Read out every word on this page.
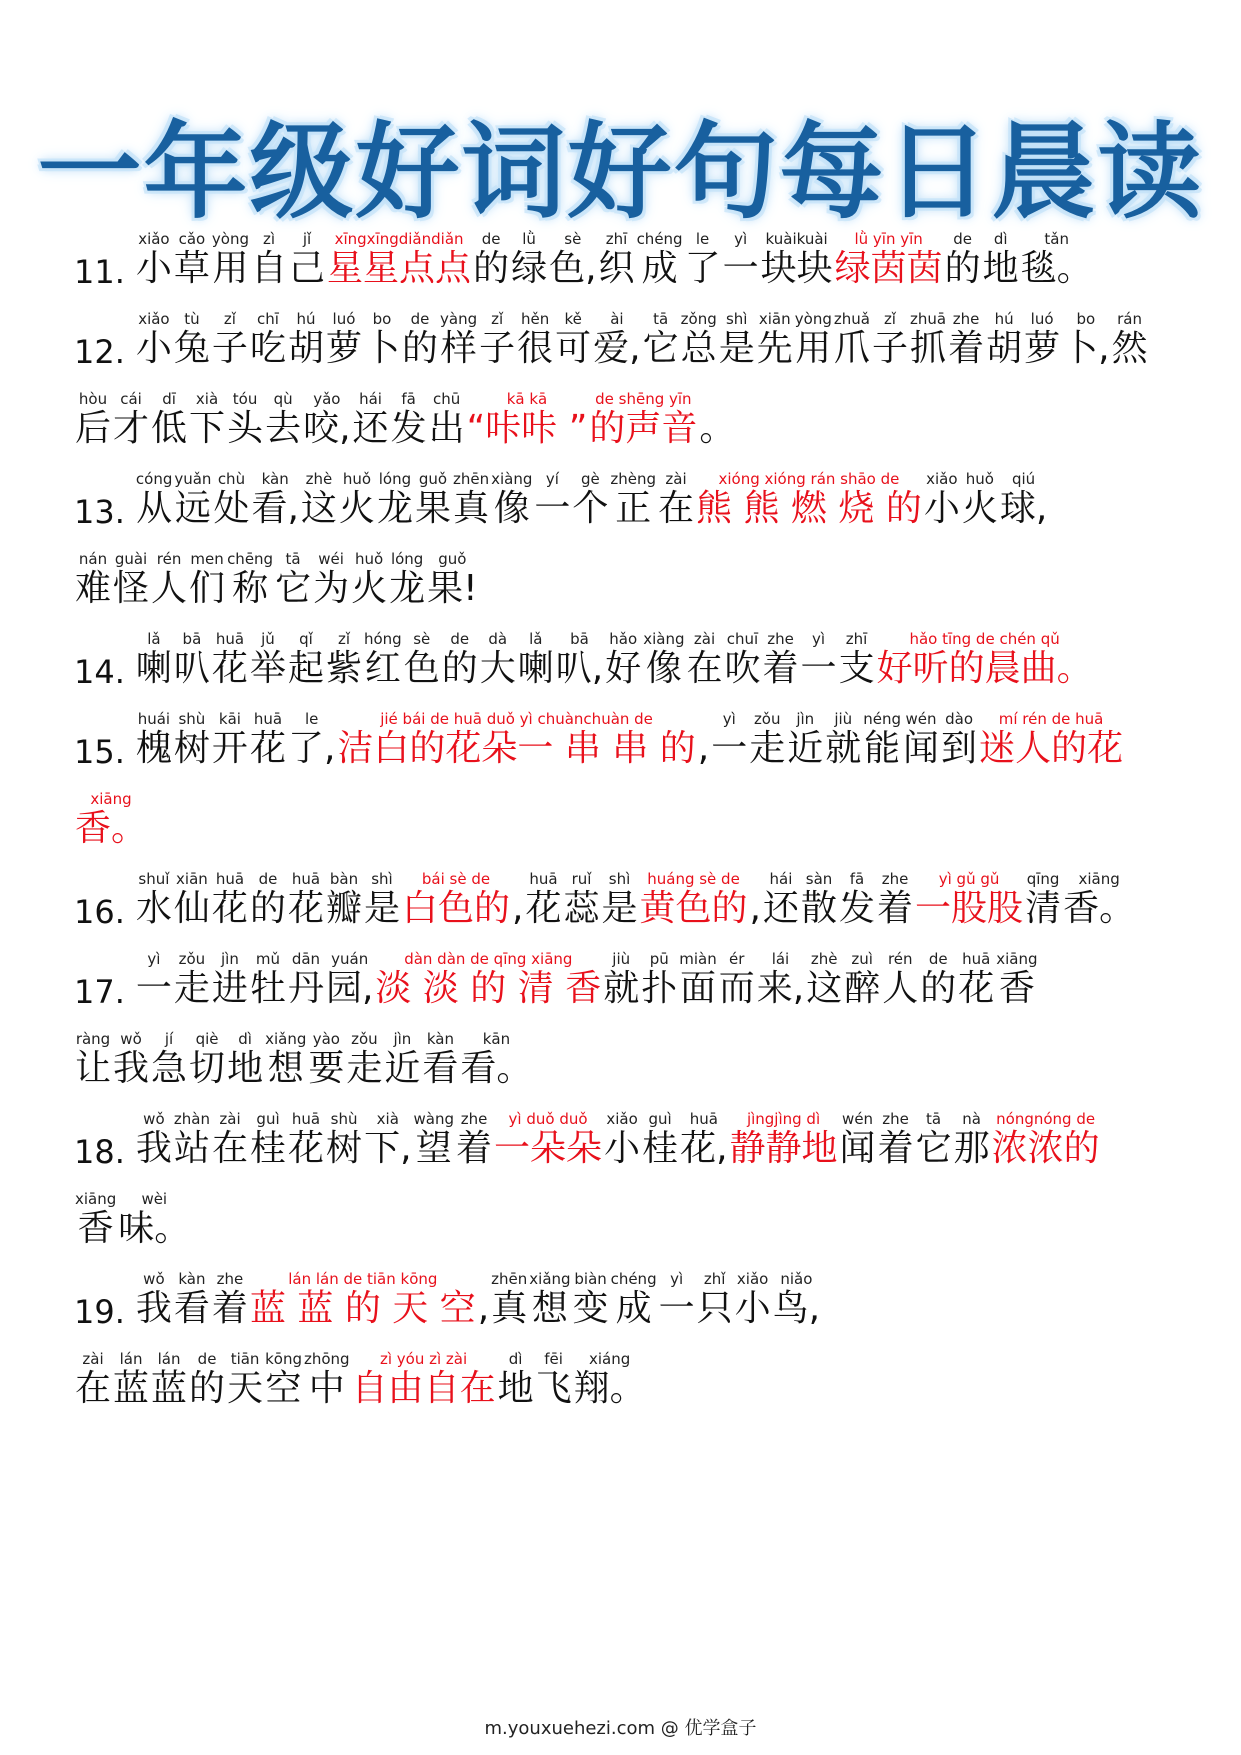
一年级好词好句每日晨读
11.
xiǎo
小
cǎo
草
yòng
用
zì
自
jǐ
己
xīngxīngdiǎndiǎn
星星点点
de
的
lǜ
绿
sè
色,
zhī
织
chéng
成
le
了
yì
一
kuàikuài
块块
lǜ yīn yīn
绿茵茵
de
的
dì
地
tǎn
毯。
12.
xiǎo
小
tù
兔
zǐ
子
chī
吃
hú
胡
luó
萝
bo
卜
de
的
yàng
样
zǐ
子
hěn
很
kě
可
ài
爱,
tā
它
zǒng
总
shì
是
xiān
先
yòng
用
zhuǎ
爪
zǐ
子
zhuā
抓
zhe
着
hú
胡
luó
萝
bo
卜,
rán
然
hòu
后
cái
才
dī
低
xià
下
tóu
头
qù
去
yǎo
咬,
hái
还
fā
发
chū
出
kā kā
“咔咔 ”
de shēng yīn
的声音 。
13.
cóng
从
yuǎn
远
chù
处
kàn
看,
zhè
这
huǒ
火
lóng
龙
guǒ
果
zhēn
真
xiàng
像
yí
一
gè
个
zhèng
正
zài
在
xióng xióng rán shāo de
熊 熊 燃 烧 的
xiǎo
小
huǒ
火
qiú
球,
nán
难
guài
怪
rén
人
men
们
chēng
称
tā
它
wéi
为
huǒ
火
lóng
龙
guǒ
果!
14.
lǎ
喇
bā
叭
huā
花
jǔ
举
qǐ
起
zǐ
紫
hóng
红
sè
色
de
的
dà
大
lǎ
喇
bā
叭,
hǎo
好
xiàng
像
zài
在
chuī
吹
zhe
着
yì
一
zhī
支
hǎo tīng de chén qǔ
好听的晨曲。
15.
huái
槐
shù
树
kāi
开
huā
花
le
了,
jié bái de huā duǒ yì chuànchuàn de
洁白的花朵一 串 串 的 ,
yì
一
zǒu
走
jìn
近
jiù
就
néng
能
wén
闻
dào
到
mí rén de huā
迷人的花
xiāng
香。
16.
shuǐ
水
xiān
仙
huā
花
de
的
huā
花
bàn
瓣
shì
是
bái sè de
白色的 ,
huā
花
ruǐ
蕊
shì
是
huáng sè de
黄色的 ,
hái
还
sàn
散
fā
发
zhe
着
yì gǔ gǔ
一股股
qīng
清
xiāng
香。
17.
yì
一
zǒu
走
jìn
进
mǔ
牡
dān
丹
yuán
园,
dàn dàn de qīng xiāng
淡 淡 的 清 香
jiù
就
pū
扑
miàn
面
ér
而
lái
来,
zhè
这
zuì
醉
rén
人
de
的
huā
花
xiāng
香
ràng
让
wǒ
我
jí
急
qiè
切
dì
地
xiǎng
想
yào
要
zǒu
走
jìn
近
kàn
看
kān
看。
18.
wǒ
我
zhàn
站
zài
在
guì
桂
huā
花
shù
树
xià
下,
wàng
望
zhe
着
yì duǒ duǒ
一朵朵
xiǎo
小
guì
桂
huā
花,
jìngjìng dì
静静地
wén
闻
zhe
着
tā
它
nà
那
nóngnóng de
浓浓的
xiāng
香
wèi
味。
19.
wǒ
我
kàn
看
zhe
着
lán lán de tiān kōng
蓝 蓝 的 天 空 ,
zhēn
真
xiǎng
想
biàn
变
chéng
成
yì
一
zhǐ
只
xiǎo
小
niǎo
鸟,
zài
在
lán
蓝
lán
蓝
de
的
tiān
天
kōng
空
zhōng
中
zì yóu zì zài
自由自在
dì
地
fēi
飞
xiáng
翔。
m.youxuehezi.com @ 优学盒子
